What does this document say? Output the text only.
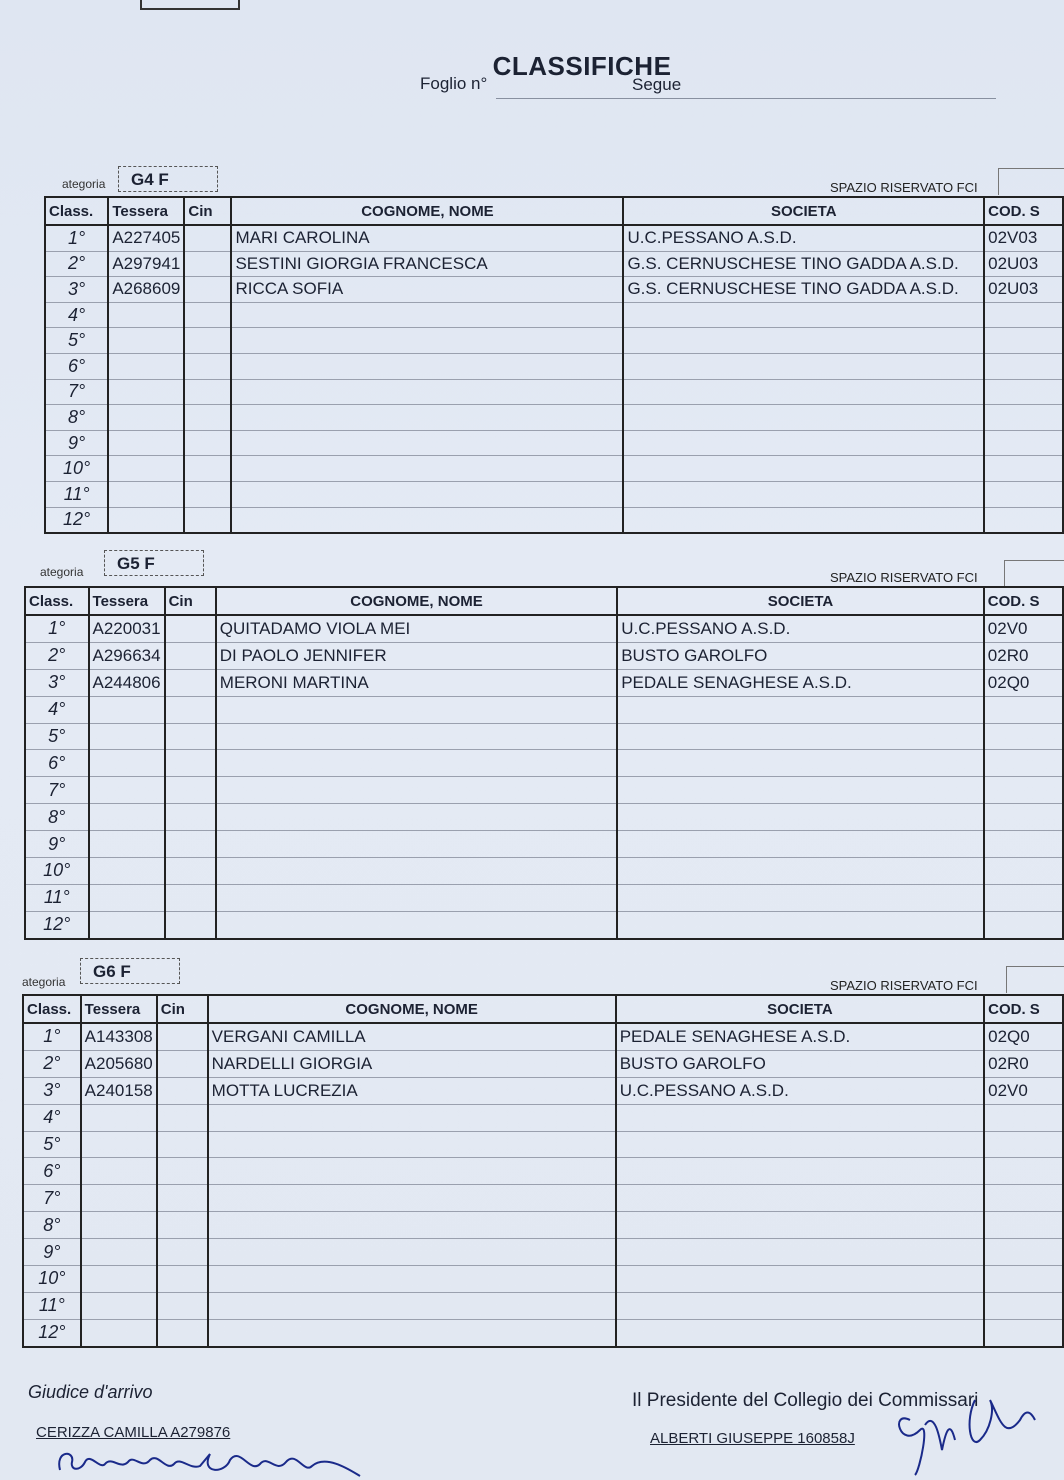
CLASSIFICHE
Foglio n°	Segue
ategoria	G4 F	SPAZIO RISERVATO FCI
Class.	Tessera	Cin	COGNOME, NOME	SOCIETA	COD. S
1°	A227405		MARI CAROLINA	U.C.PESSANO A.S.D.	02V03
2°	A297941		SESTINI GIORGIA FRANCESCA	G.S. CERNUSCHESE TINO GADDA A.S.D.	02U03
3°	A268609		RICCA SOFIA	G.S. CERNUSCHESE TINO GADDA A.S.D.	02U03
4°					
5°					
6°					
7°					
8°					
9°					
10°					
11°					
12°					
ategoria	G5 F
SPAZIO RISERVATO FCI
Class.	Tessera	Cin	COGNOME, NOME	SOCIETA	COD. S
1°	A220031		QUITADAMO VIOLA MEI	U.C.PESSANO A.S.D.	02V0
2°	A296634		DI PAOLO JENNIFER	BUSTO GAROLFO	02R0
3°	A244806		MERONI MARTINA	PEDALE SENAGHESE A.S.D.	02Q0
4°					
5°					
6°					
7°					
8°					
9°					
10°					
11°					
12°					
ategoria
G6 F
SPAZIO RISERVATO FCI
Class.	Tessera	Cin	COGNOME, NOME	SOCIETA	COD. S
1°	A143308		VERGANI CAMILLA	PEDALE SENAGHESE A.S.D.	02Q0
2°	A205680		NARDELLI GIORGIA	BUSTO GAROLFO	02R0
3°	A240158		MOTTA LUCREZIA	U.C.PESSANO A.S.D.	02V0
4°					
5°					
6°					
7°					
8°					
9°					
10°					
11°					
12°					
Giudice d'arrivo
CERIZZA CAMILLA A279876
Il Presidente del Collegio dei Commissari
ALBERTI GIUSEPPE 160858J
